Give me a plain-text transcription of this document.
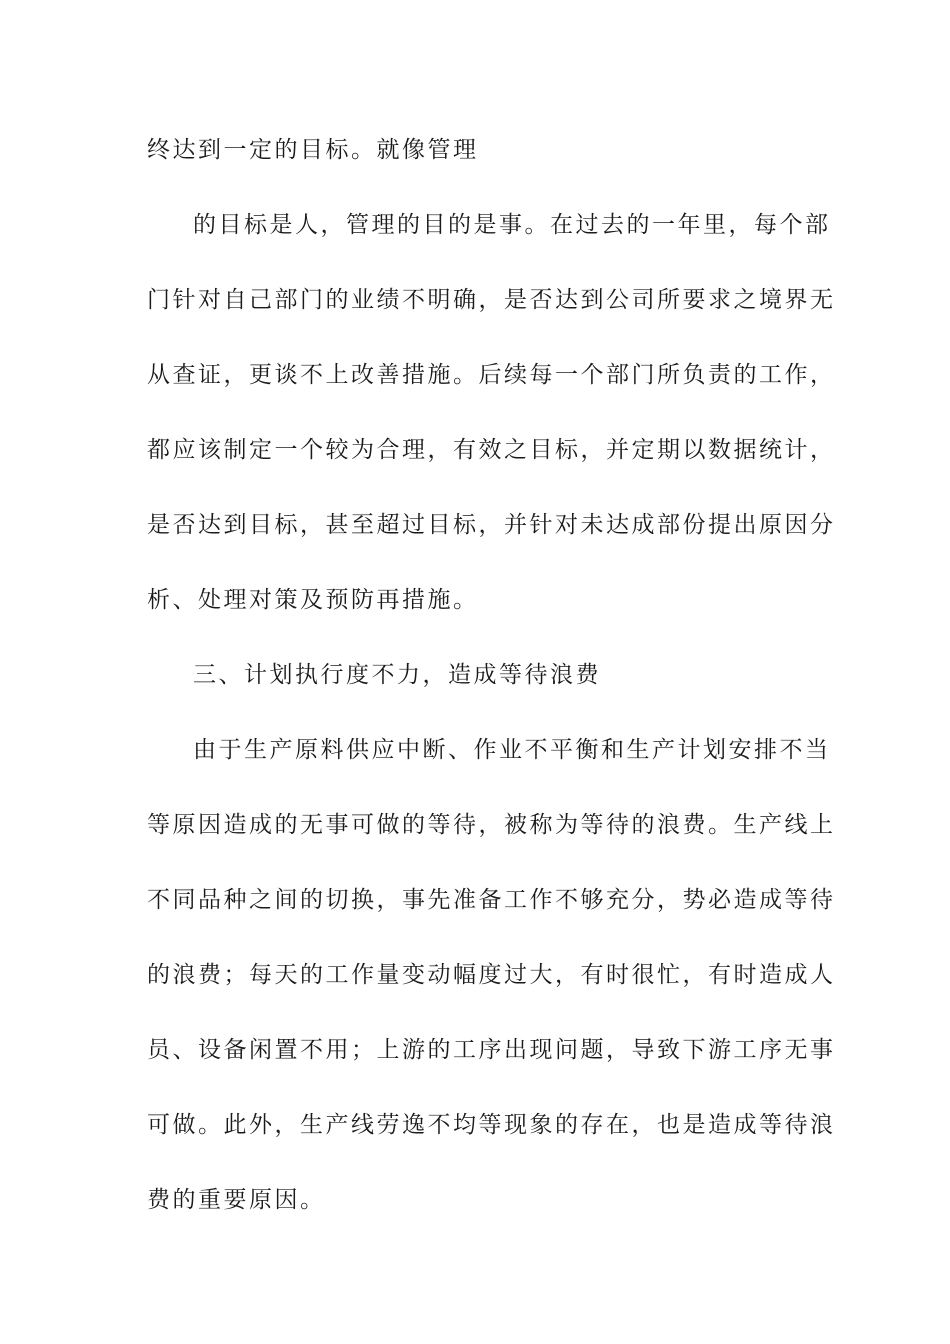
终达到一定的目标。就像管理
的目标是人，管理的目的是事。在过去的一年里，每个部
门针对自己部门的业绩不明确，是否达到公司所要求之境界无
从查证，更谈不上改善措施。后续每一个部门所负责的工作，
都应该制定一个较为合理，有效之目标，并定期以数据统计，
是否达到目标，甚至超过目标，并针对未达成部份提出原因分
析、处理对策及预防再措施。
三、计划执行度不力，造成等待浪费
由于生产原料供应中断、作业不平衡和生产计划安排不当
等原因造成的无事可做的等待，被称为等待的浪费。生产线上
不同品种之间的切换，事先准备工作不够充分，势必造成等待
的浪费；每天的工作量变动幅度过大，有时很忙，有时造成人
员、设备闲置不用；上游的工序出现问题，导致下游工序无事
可做。此外，生产线劳逸不均等现象的存在，也是造成等待浪
费的重要原因。
